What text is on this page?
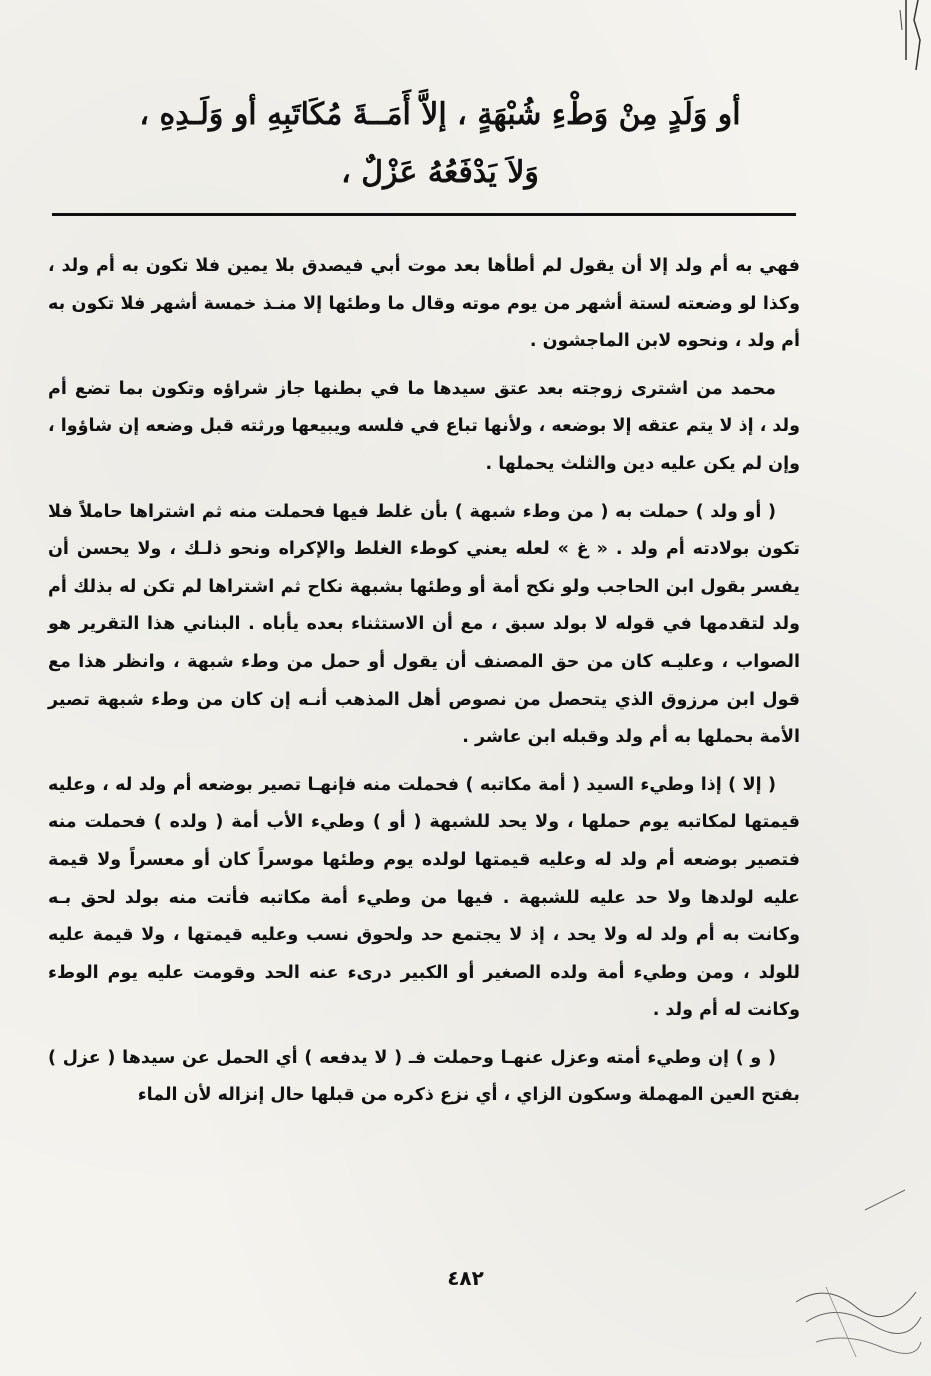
أو وَلَدٍ مِنْ وَطْءِ شُبْهَةٍ ، إلاَّ أَمَــةَ مُكَاتَبِهِ أو وَلَـدِهِ ،
وَلاَ يَدْفَعُهُ عَزْلٌ ،

فهي به أم ولد إلا أن يقول لم أطأها بعد موت أبي فيصدق بلا يمين فلا تكون به أم ولد ، وكذا لو وضعته لستة أشهر من يوم موته وقال ما وطئها إلا منـذ خمسة أشهر فلا تكون به أم ولد ، ونحوه لابن الماجشون .

محمد من اشترى زوجته بعد عتق سيدها ما في بطنها جاز شراؤه وتكون بما تضع أم ولد ، إذ لا يتم عتقه إلا بوضعه ، ولأنها تباع في فلسه ويبيعها ورثته قبل وضعه إن شاؤوا ، وإن لم يكن عليه دين والثلث يحملها .

( أو ولد ) حملت به ( من وطء شبهة ) بأن غلط فيها فحملت منه ثم اشتراها حاملاً فلا تكون بولادته أم ولد . « غ » لعله يعني كوطء الغلط والإكراه ونحو ذلـك ، ولا يحسن أن يفسر بقول ابن الحاجب ولو نكح أمة أو وطئها بشبهة نكاح ثم اشتراها لم تكن له بذلك أم ولد لتقدمها في قوله لا بولد سبق ، مع أن الاستثناء بعده يأباه . البناني هذا التقرير هو الصواب ، وعليـه كان من حق المصنف أن يقول أو حمل من وطء شبهة ، وانظر هذا مع قول ابن مرزوق الذي يتحصل من نصوص أهل المذهب أنـه إن كان من وطء شبهة تصير الأمة بحملها به أم ولد وقبله ابن عاشر .

( إلا ) إذا وطيء السيد ( أمة مكاتبه ) فحملت منه فإنهـا تصير بوضعه أم ولد له ، وعليه قيمتها لمكاتبه يوم حملها ، ولا يحد للشبهة ( أو ) وطيء الأب أمة ( ولده ) فحملت منه فتصير بوضعه أم ولد له وعليه قيمتها لولده يوم وطئها موسراً كان أو معسراً ولا قيمة عليه لولدها ولا حد عليه للشبهة . فيها من وطيء أمة مكاتبه فأتت منه بولد لحق بـه وكانت به أم ولد له ولا يحد ، إذ لا يجتمع حد ولحوق نسب وعليه قيمتها ، ولا قيمة عليه للولد ، ومن وطيء أمة ولده الصغير أو الكبير درىء عنه الحد وقومت عليه يوم الوطء وكانت له أم ولد .

( و ) إن وطيء أمته وعزل عنهـا وحملت فـ ( لا يدفعه ) أي الحمل عن سيدها ( عزل ) بفتح العين المهملة وسكون الزاي ، أي نزع ذكره من قبلها حال إنزاله لأن الماء

٤٨٢
